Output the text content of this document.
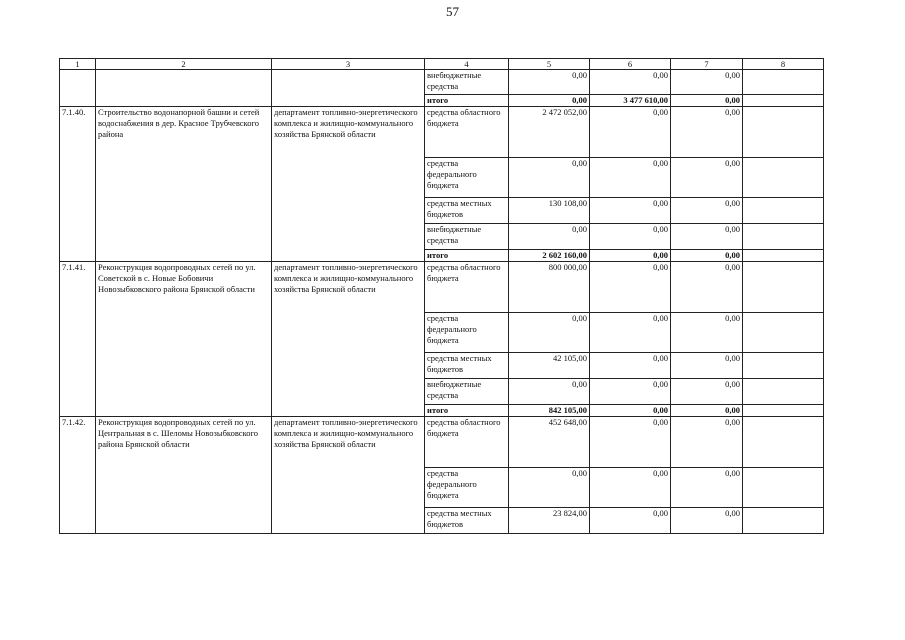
57
1	2	3	4	5	6	7	8
			внебюджетные средства	0,00	0,00	0,00	
			итого	0,00	3 477 610,00	0,00	
7.1.40.	Строительство водонапорной башни и сетей водоснабжения в дер. Красное Трубчевского района	департамент топливно-энергетического комплекса и жилищно-коммунального хозяйства Брянской области	средства областного бюджета	2 472 052,00	0,00	0,00	
			средства федерального бюджета	0,00	0,00	0,00	
			средства местных бюджетов	130 108,00	0,00	0,00	
			внебюджетные средства	0,00	0,00	0,00	
			итого	2 602 160,00	0,00	0,00	
7.1.41.	Реконструкция водопроводных сетей по ул. Советской в с. Новые Бобовичи Новозыбковского района Брянской области	департамент топливно-энергетического комплекса и жилищно-коммунального хозяйства Брянской области	средства областного бюджета	800 000,00	0,00	0,00	
			средства федерального бюджета	0,00	0,00	0,00	
			средства местных бюджетов	42 105,00	0,00	0,00	
			внебюджетные средства	0,00	0,00	0,00	
			итого	842 105,00	0,00	0,00	
7.1.42.	Реконструкция водопроводных сетей по ул. Центральная в с. Шеломы Новозыбковского района Брянской области	департамент топливно-энергетического комплекса и жилищно-коммунального хозяйства Брянской области	средства областного бюджета	452 648,00	0,00	0,00	
			средства федерального бюджета	0,00	0,00	0,00	
			средства местных бюджетов	23 824,00	0,00	0,00	
